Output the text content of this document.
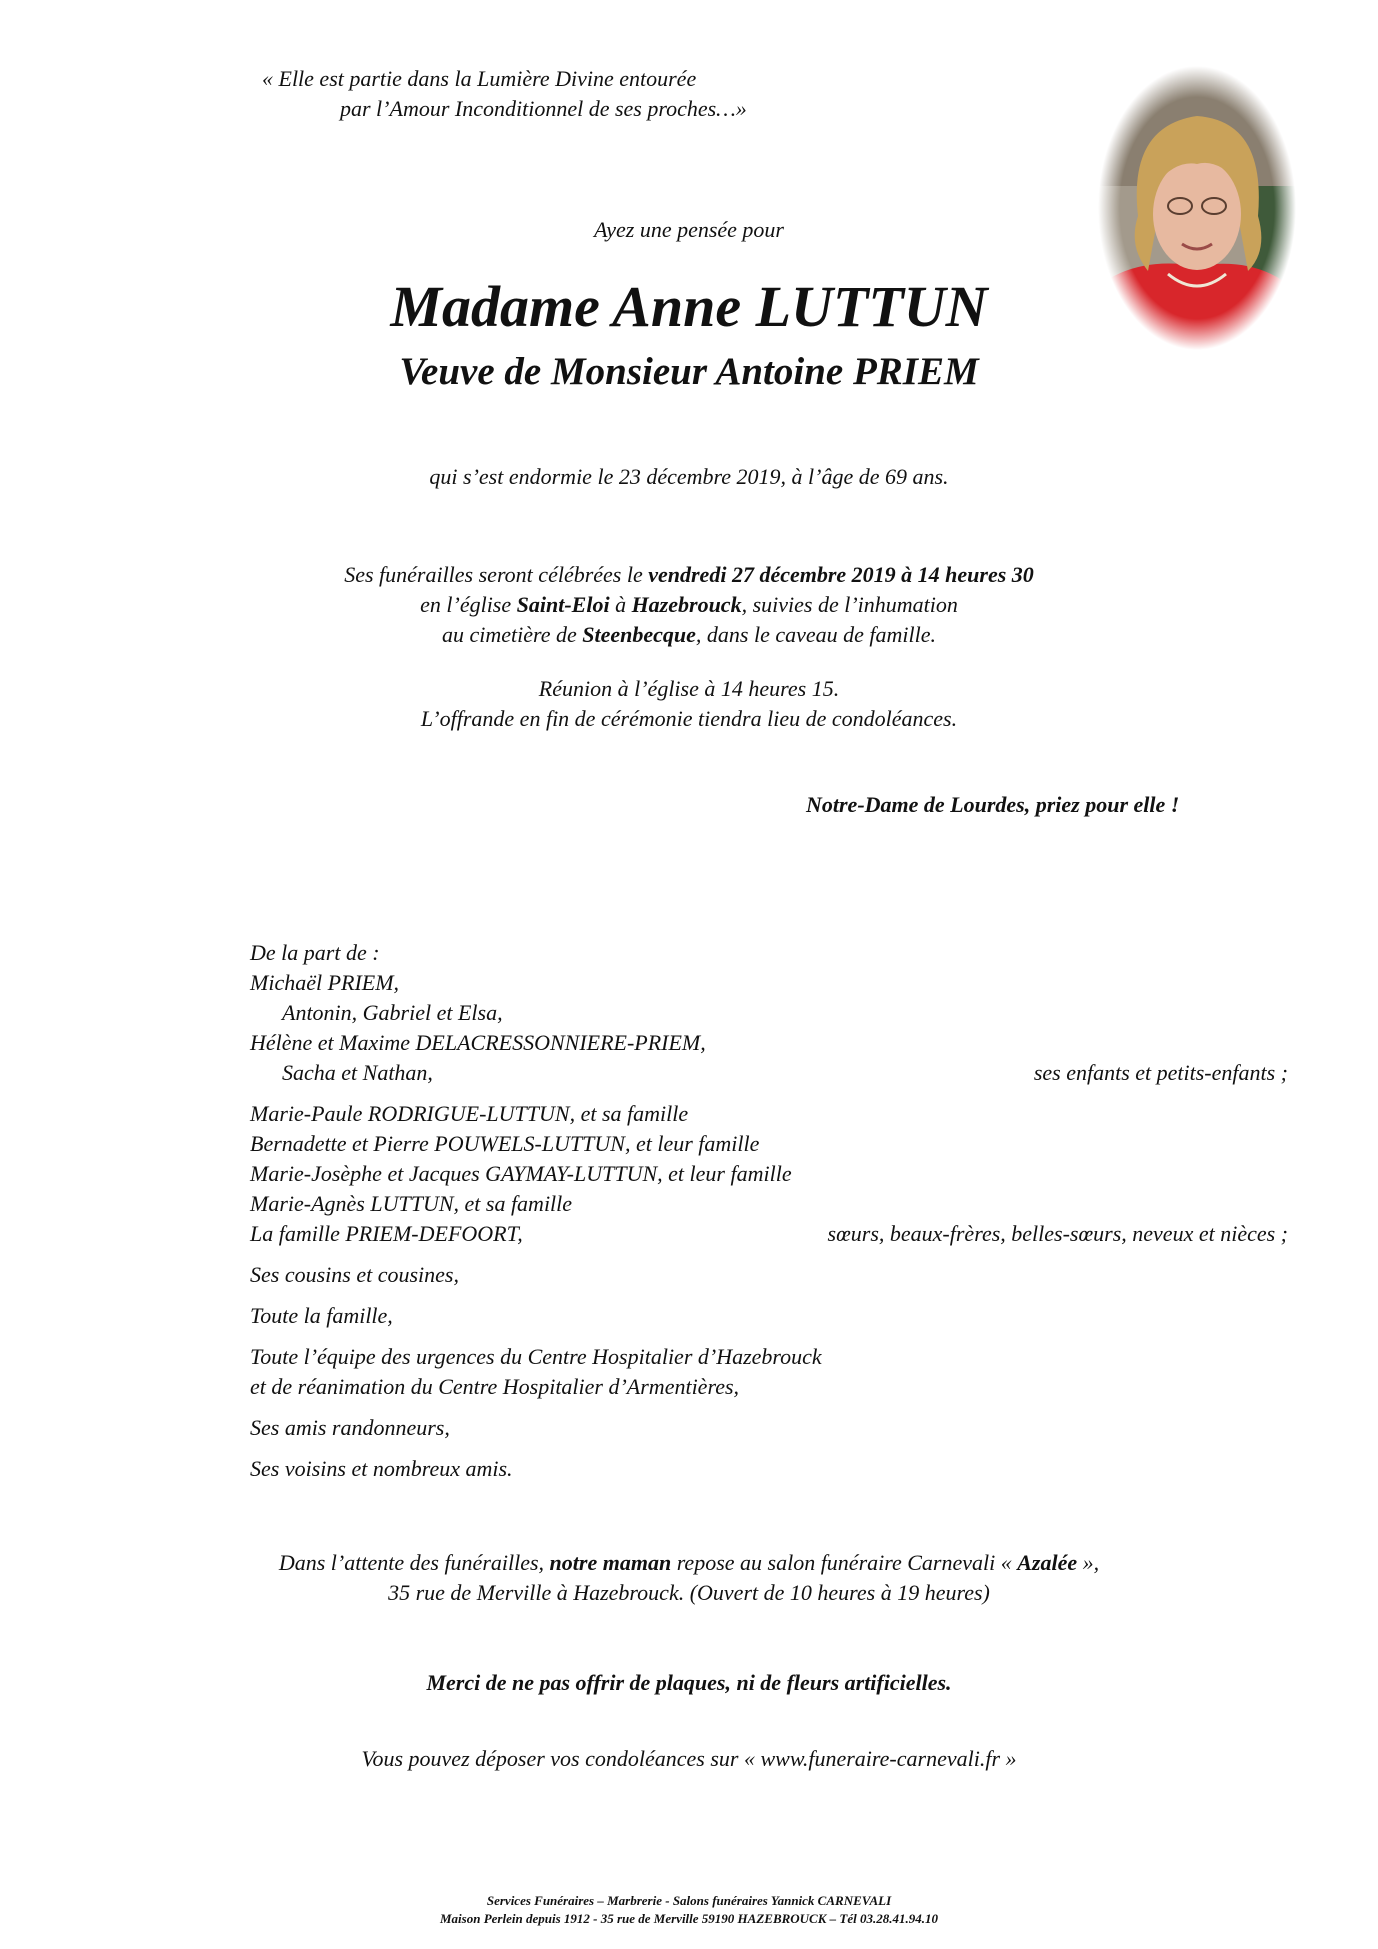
« Elle est partie dans la Lumière Divine entourée
par l’Amour Inconditionnel de ses proches…»
Ayez une pensée pour
Madame Anne LUTTUN
Veuve de Monsieur Antoine PRIEM
qui s’est endormie le 23 décembre 2019, à l’âge de 69 ans.
Ses funérailles seront célébrées le vendredi 27 décembre 2019 à 14 heures 30
en l’église Saint-Eloi à Hazebrouck, suivies de l’inhumation
au cimetière de Steenbecque, dans le caveau de famille.
Réunion à l’église à 14 heures 15.
L’offrande en fin de cérémonie tiendra lieu de condoléances.
Notre-Dame de Lourdes, priez pour elle !
De la part de :
Michaël PRIEM,
Antonin, Gabriel et Elsa,
Hélène et Maxime DELACRESSONNIERE-PRIEM,
Sacha et Nathan,	ses enfants et petits-enfants ;
Marie-Paule RODRIGUE-LUTTUN, et sa famille
Bernadette et Pierre POUWELS-LUTTUN, et leur famille
Marie-Josèphe et Jacques GAYMAY-LUTTUN, et leur famille
Marie-Agnès LUTTUN, et sa famille
La famille PRIEM-DEFOORT,	sœurs, beaux-frères, belles-sœurs, neveux et nièces ;
Ses cousins et cousines,
Toute la famille,
Toute l’équipe des urgences du Centre Hospitalier d’Hazebrouck
et de réanimation du Centre Hospitalier d’Armentières,
Ses amis randonneurs,
Ses voisins et nombreux amis.
Dans l’attente des funérailles, notre maman repose au salon funéraire Carnevali « Azalée »,
35 rue de Merville à Hazebrouck. (Ouvert de 10 heures à 19 heures)
Merci de ne pas offrir de plaques, ni de fleurs artificielles.
Vous pouvez déposer vos condoléances sur « www.funeraire-carnevali.fr »
Services Funéraires – Marbrerie - Salons funéraires Yannick CARNEVALI
Maison Perlein depuis 1912 - 35 rue de Merville 59190 HAZEBROUCK – Tél 03.28.41.94.10
